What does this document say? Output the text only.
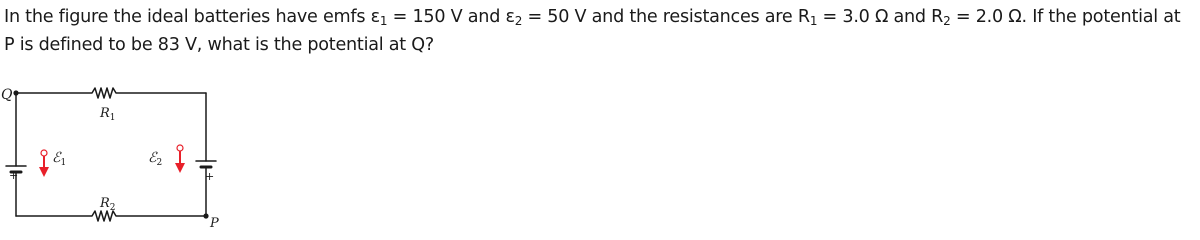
In the figure the ideal batteries have emfs $\varepsilon_1 = 150$ V and $\varepsilon_2 = 50$ V and the resistances are $R_1 = 3.0$ Ω and $R_2 = 2.0$ Ω. If the potential at P is defined to be 83 V, what is the potential at Q?

+	+
Q
P
$R_1$
$R_2$
ℰ$_1$	ℰ$_2$
